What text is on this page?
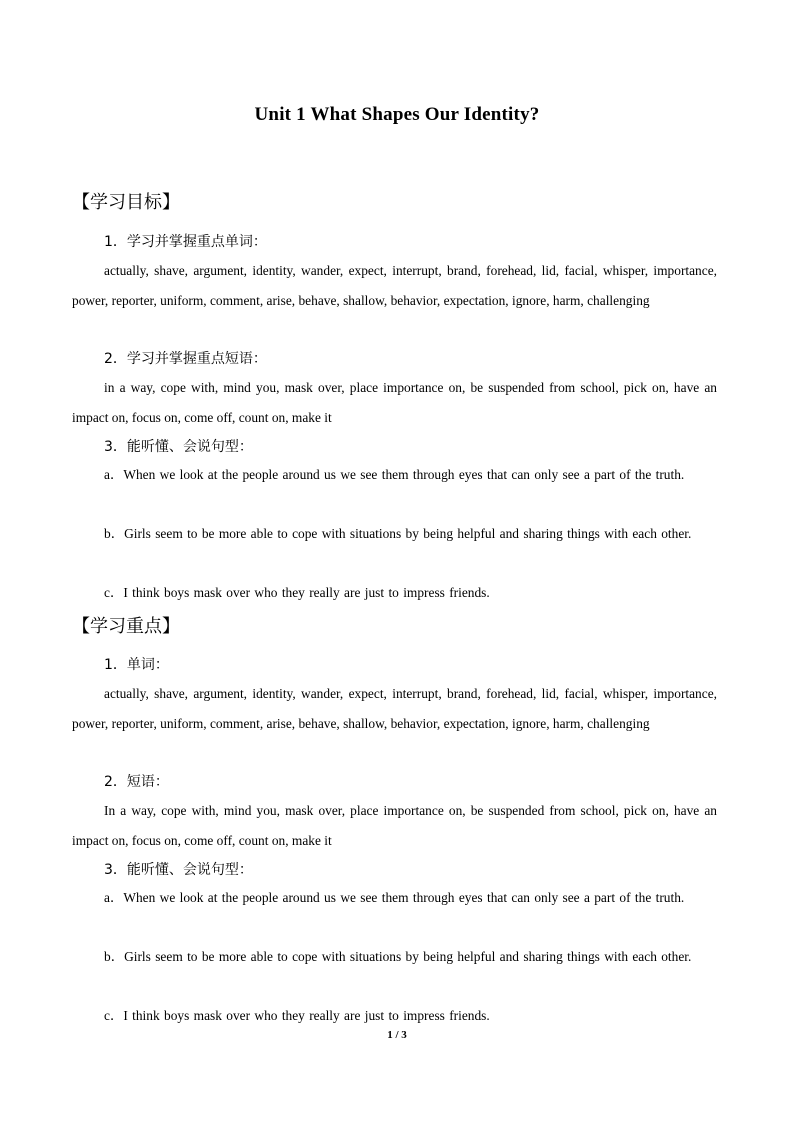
Unit 1 What Shapes Our Identity?
【学习目标】
1．学习并掌握重点单词：
actually, shave, argument, identity, wander, expect, interrupt, brand, forehead, lid, facial, whisper, importance, power, reporter, uniform, comment, arise, behave, shallow, behavior, expectation, ignore, harm, challenging
2．学习并掌握重点短语：
in a way, cope with, mind you, mask over, place importance on, be suspended from school, pick on, have an impact on, focus on, come off, count on, make it
3．能听懂、会说句型：
a．When we look at the people around us we see them through eyes that can only see a part of the truth.
b．Girls seem to be more able to cope with situations by being helpful and sharing things with each other.
c．I think boys mask over who they really are just to impress friends.
【学习重点】
1．单词：
actually, shave, argument, identity, wander, expect, interrupt, brand, forehead, lid, facial, whisper, importance, power, reporter, uniform, comment, arise, behave, shallow, behavior, expectation, ignore, harm, challenging
2．短语：
In a way, cope with, mind you, mask over, place importance on, be suspended from school, pick on, have an impact on, focus on, come off, count on, make it
3．能听懂、会说句型：
a．When we look at the people around us we see them through eyes that can only see a part of the truth.
b．Girls seem to be more able to cope with situations by being helpful and sharing things with each other.
c．I think boys mask over who they really are just to impress friends.
1 / 3
